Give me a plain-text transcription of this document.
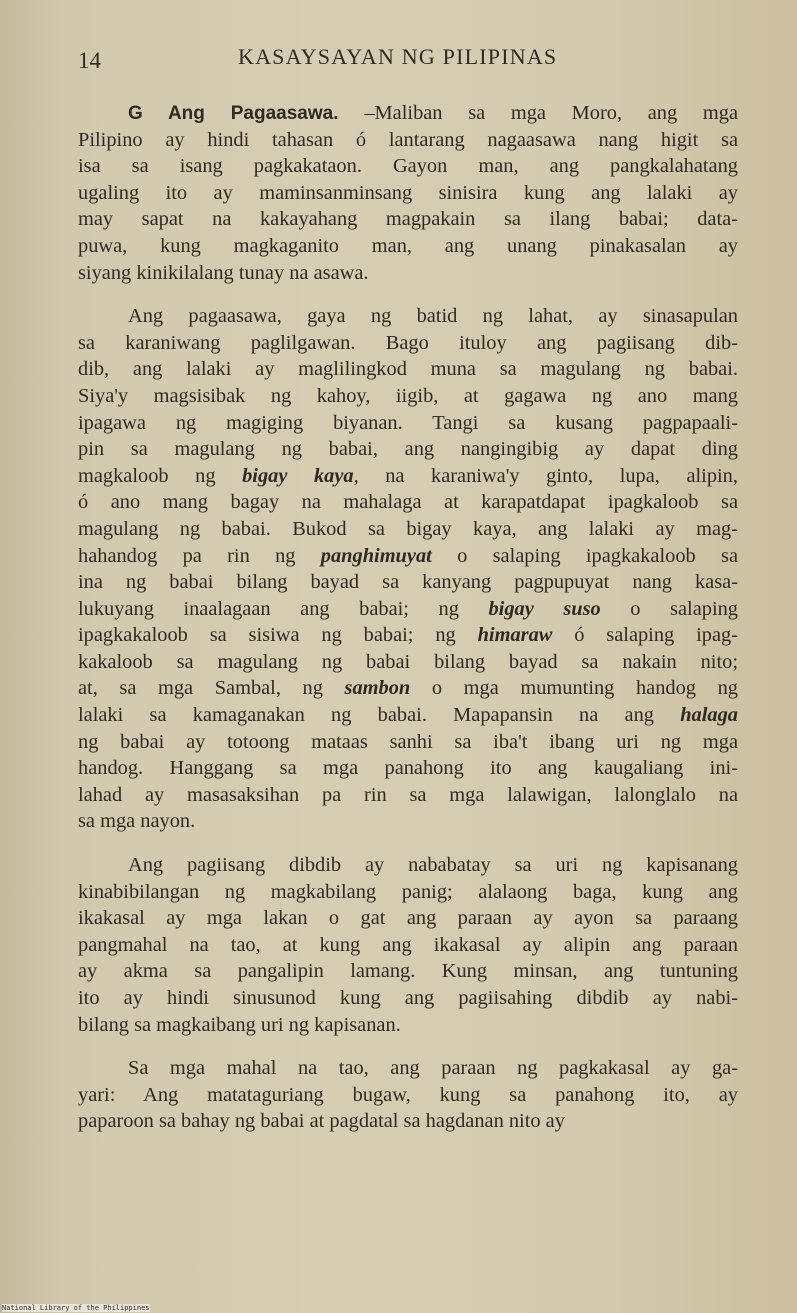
14	KASAYSAYAN NG PILIPINAS
G Ang Pagaasawa. –Maliban sa mga Moro, ang mga
Pilipino ay hindi tahasan ó lantarang nagaasawa nang higit sa
isa sa isang pagkakataon. Gayon man, ang pangkalahatang
ugaling ito ay maminsanminsang sinisira kung ang lalaki ay
may sapat na kakayahang magpakain sa ilang babai; data-
puwa, kung magkaganito man, ang unang pinakasalan ay
siyang kinikilalang tunay na asawa.
Ang pagaasawa, gaya ng batid ng lahat, ay sinasapulan
sa karaniwang paglilgawan. Bago ituloy ang pagiisang dib-
dib, ang lalaki ay maglilingkod muna sa magulang ng babai.
Siya'y magsisibak ng kahoy, iigib, at gagawa ng ano mang
ipagawa ng magiging biyanan. Tangi sa kusang pagpapaali-
pin sa magulang ng babai, ang nangingibig ay dapat ding
magkaloob ng bigay kaya, na karaniwa'y ginto, lupa, alipin,
ó ano mang bagay na mahalaga at karapatdapat ipagkaloob sa
magulang ng babai. Bukod sa bigay kaya, ang lalaki ay mag-
hahandog pa rin ng panghimuyat o salaping ipagkakaloob sa
ina ng babai bilang bayad sa kanyang pagpupuyat nang kasa-
lukuyang inaalagaan ang babai; ng bigay suso o salaping
ipagkakaloob sa sisiwa ng babai; ng himaraw ó salaping ipag-
kakaloob sa magulang ng babai bilang bayad sa nakain nito;
at, sa mga Sambal, ng sambon o mga mumunting handog ng
lalaki sa kamaganakan ng babai. Mapapansin na ang halaga
ng babai ay totoong mataas sanhi sa iba't ibang uri ng mga
handog. Hanggang sa mga panahong ito ang kaugaliang ini-
lahad ay masasaksihan pa rin sa mga lalawigan, lalonglalo na
sa mga nayon.
Ang pagiisang dibdib ay nababatay sa uri ng kapisanang
kinabibilangan ng magkabilang panig; alalaong baga, kung ang
ikakasal ay mga lakan o gat ang paraan ay ayon sa paraang
pangmahal na tao, at kung ang ikakasal ay alipin ang paraan
ay akma sa pangalipin lamang. Kung minsan, ang tuntuning
ito ay hindi sinusunod kung ang pagiisahing dibdib ay nabi-
bilang sa magkaibang uri ng kapisanan.
Sa mga mahal na tao, ang paraan ng pagkakasal ay ga-
yari: Ang matataguriang bugaw, kung sa panahong ito, ay
paparoon sa bahay ng babai at pagdatal sa hagdanan nito ay
National Library of the Philippines
